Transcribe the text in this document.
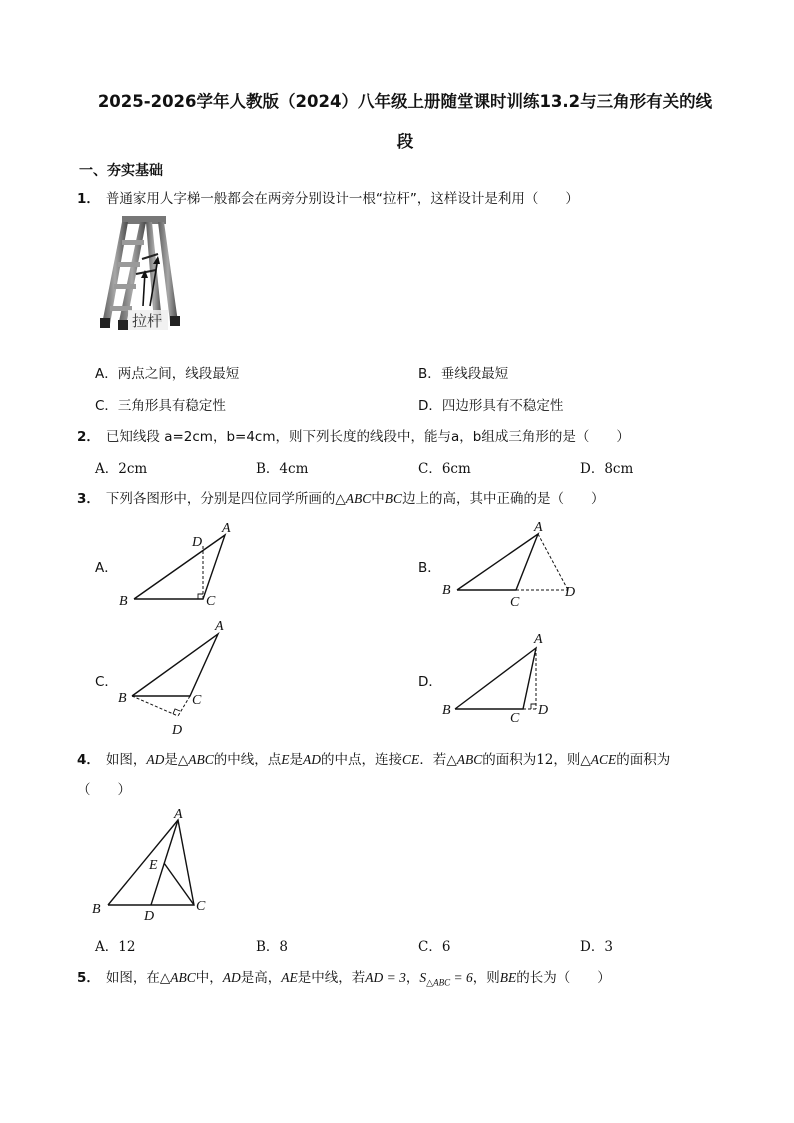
2025-2026学年人教版（2024）八年级上册随堂课时训练13.2与三角形有关的线
段
一、夯实基础
1． 普通家用人字梯一般都会在两旁分别设计一根“拉杆”，这样设计是利用（　　）
拉杆
A．两点之间，线段最短	B．垂线段最短
C．三角形具有稳定性	D．四边形具有不稳定性
2． 已知线段 a=2cm，b=4cm，则下列长度的线段中，能与a，b组成三角形的是（　　）
A．2cm	B．4cm	C．6cm	D．8cm
3． 下列各图形中，分别是四位同学所画的△ABC中BC边上的高，其中正确的是（　　）
A．
A
D
B	C
B．
A
B
C
D
C．
A
B	C
D
D．
A
B
C
D
4． 如图，AD是△ABC的中线，点E是AD的中点，连接CE．若△ABC的面积为12，则△ACE的面积为
（　　）
A
E
B	D
C
A．12	B．8	C．6	D．3
5． 如图，在△ABC中，AD是高，AE是中线，若AD = 3，$S_{\triangle ABC} = 6$，则BE的长为（　　）
